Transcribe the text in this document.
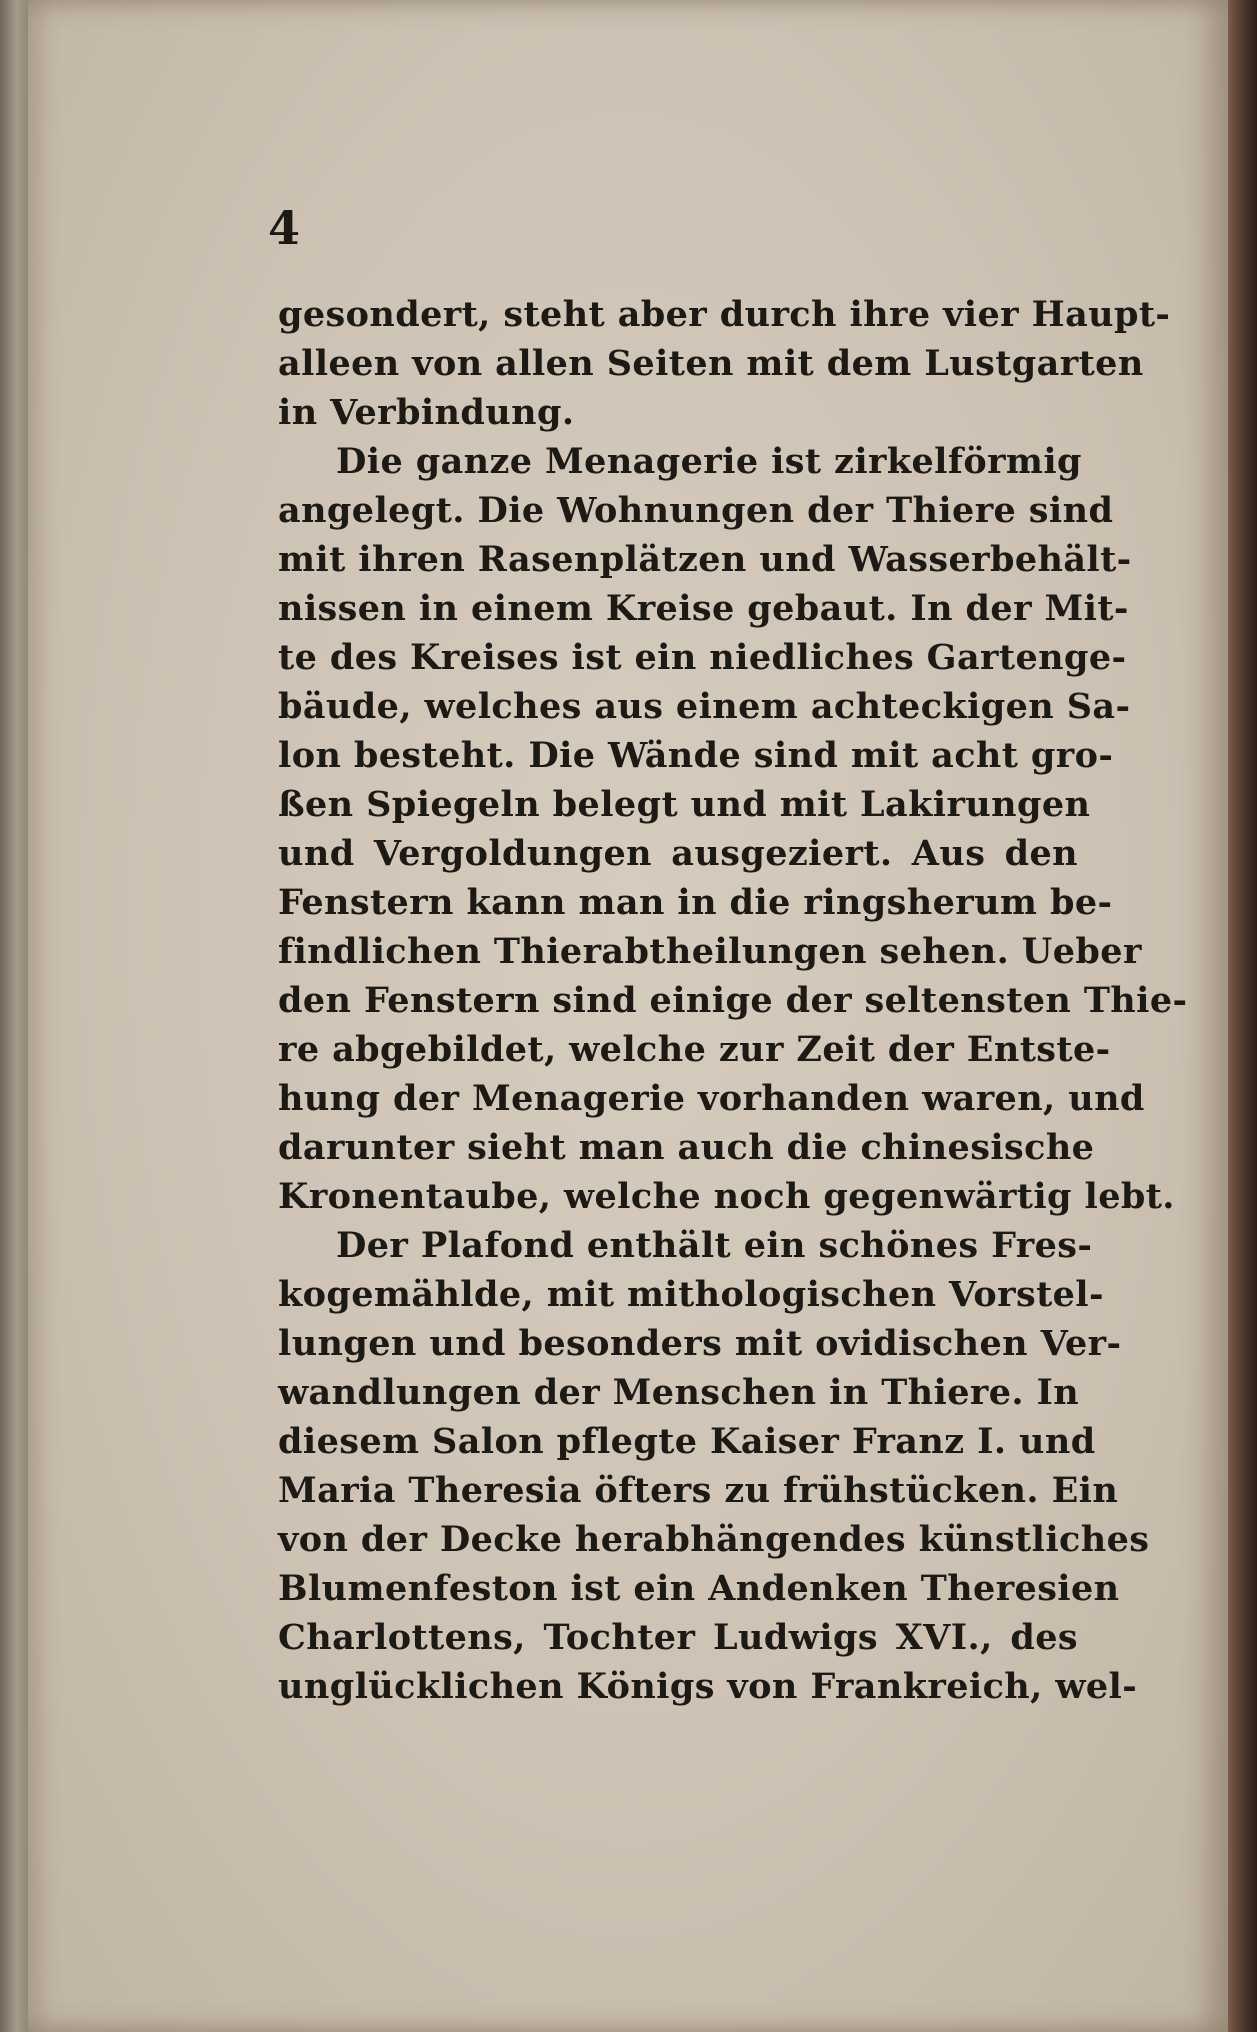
4
gesondert, steht aber durch ihre vier Haupt-
alleen von allen Seiten mit dem Lustgarten
in Verbindung.
Die ganze Menagerie ist zirkelförmig
angelegt. Die Wohnungen der Thiere sind
mit ihren Rasenplätzen und Wasserbehält-
nissen in einem Kreise gebaut. In der Mit-
te des Kreises ist ein niedliches Gartenge-
bäude, welches aus einem achteckigen Sa-
lon besteht. Die Wände sind mit acht gro-
ßen Spiegeln belegt und mit Lakirungen
und Vergoldungen ausgeziert. Aus den
Fenstern kann man in die ringsherum be-
findlichen Thierabtheilungen sehen. Ueber
den Fenstern sind einige der seltensten Thie-
re abgebildet, welche zur Zeit der Entste-
hung der Menagerie vorhanden waren, und
darunter sieht man auch die chinesische
Kronentaube, welche noch gegenwärtig lebt.
Der Plafond enthält ein schönes Fres-
kogemählde, mit mithologischen Vorstel-
lungen und besonders mit ovidischen Ver-
wandlungen der Menschen in Thiere. In
diesem Salon pflegte Kaiser Franz I. und
Maria Theresia öfters zu frühstücken. Ein
von der Decke herabhängendes künstliches
Blumenfeston ist ein Andenken Theresien
Charlottens, Tochter Ludwigs XVI., des
unglücklichen Königs von Frankreich, wel-
